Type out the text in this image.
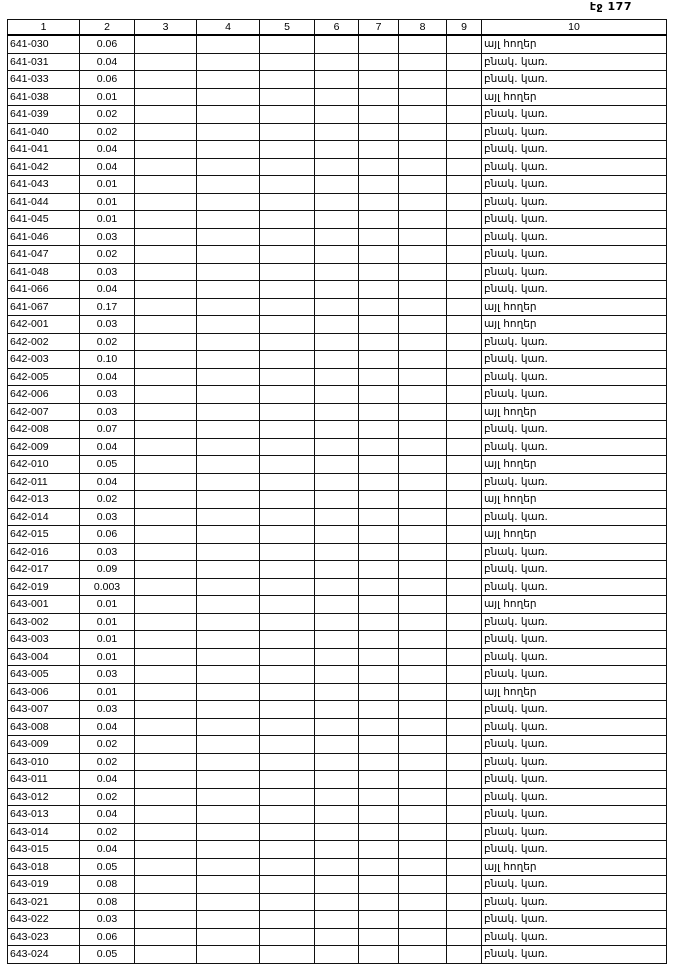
էջ 177
1	2	3	4	5	6	7	8	9	10
641-030	0.06								այլ հողեր
641-031	0.04								բնակ. կառ.
641-033	0.06								բնակ. կառ.
641-038	0.01								այլ հողեր
641-039	0.02								բնակ. կառ.
641-040	0.02								բնակ. կառ.
641-041	0.04								բնակ. կառ.
641-042	0.04								բնակ. կառ.
641-043	0.01								բնակ. կառ.
641-044	0.01								բնակ. կառ.
641-045	0.01								բնակ. կառ.
641-046	0.03								բնակ. կառ.
641-047	0.02								բնակ. կառ.
641-048	0.03								բնակ. կառ.
641-066	0.04								բնակ. կառ.
641-067	0.17								այլ հողեր
642-001	0.03								այլ հողեր
642-002	0.02								բնակ. կառ.
642-003	0.10								բնակ. կառ.
642-005	0.04								բնակ. կառ.
642-006	0.03								բնակ. կառ.
642-007	0.03								այլ հողեր
642-008	0.07								բնակ. կառ.
642-009	0.04								բնակ. կառ.
642-010	0.05								այլ հողեր
642-011	0.04								բնակ. կառ.
642-013	0.02								այլ հողեր
642-014	0.03								բնակ. կառ.
642-015	0.06								այլ հողեր
642-016	0.03								բնակ. կառ.
642-017	0.09								բնակ. կառ.
642-019	0.003								բնակ. կառ.
643-001	0.01								այլ հողեր
643-002	0.01								բնակ. կառ.
643-003	0.01								բնակ. կառ.
643-004	0.01								բնակ. կառ.
643-005	0.03								բնակ. կառ.
643-006	0.01								այլ հողեր
643-007	0.03								բնակ. կառ.
643-008	0.04								բնակ. կառ.
643-009	0.02								բնակ. կառ.
643-010	0.02								բնակ. կառ.
643-011	0.04								բնակ. կառ.
643-012	0.02								բնակ. կառ.
643-013	0.04								բնակ. կառ.
643-014	0.02								բնակ. կառ.
643-015	0.04								բնակ. կառ.
643-018	0.05								այլ հողեր
643-019	0.08								բնակ. կառ.
643-021	0.08								բնակ. կառ.
643-022	0.03								բնակ. կառ.
643-023	0.06								բնակ. կառ.
643-024	0.05								բնակ. կառ.
